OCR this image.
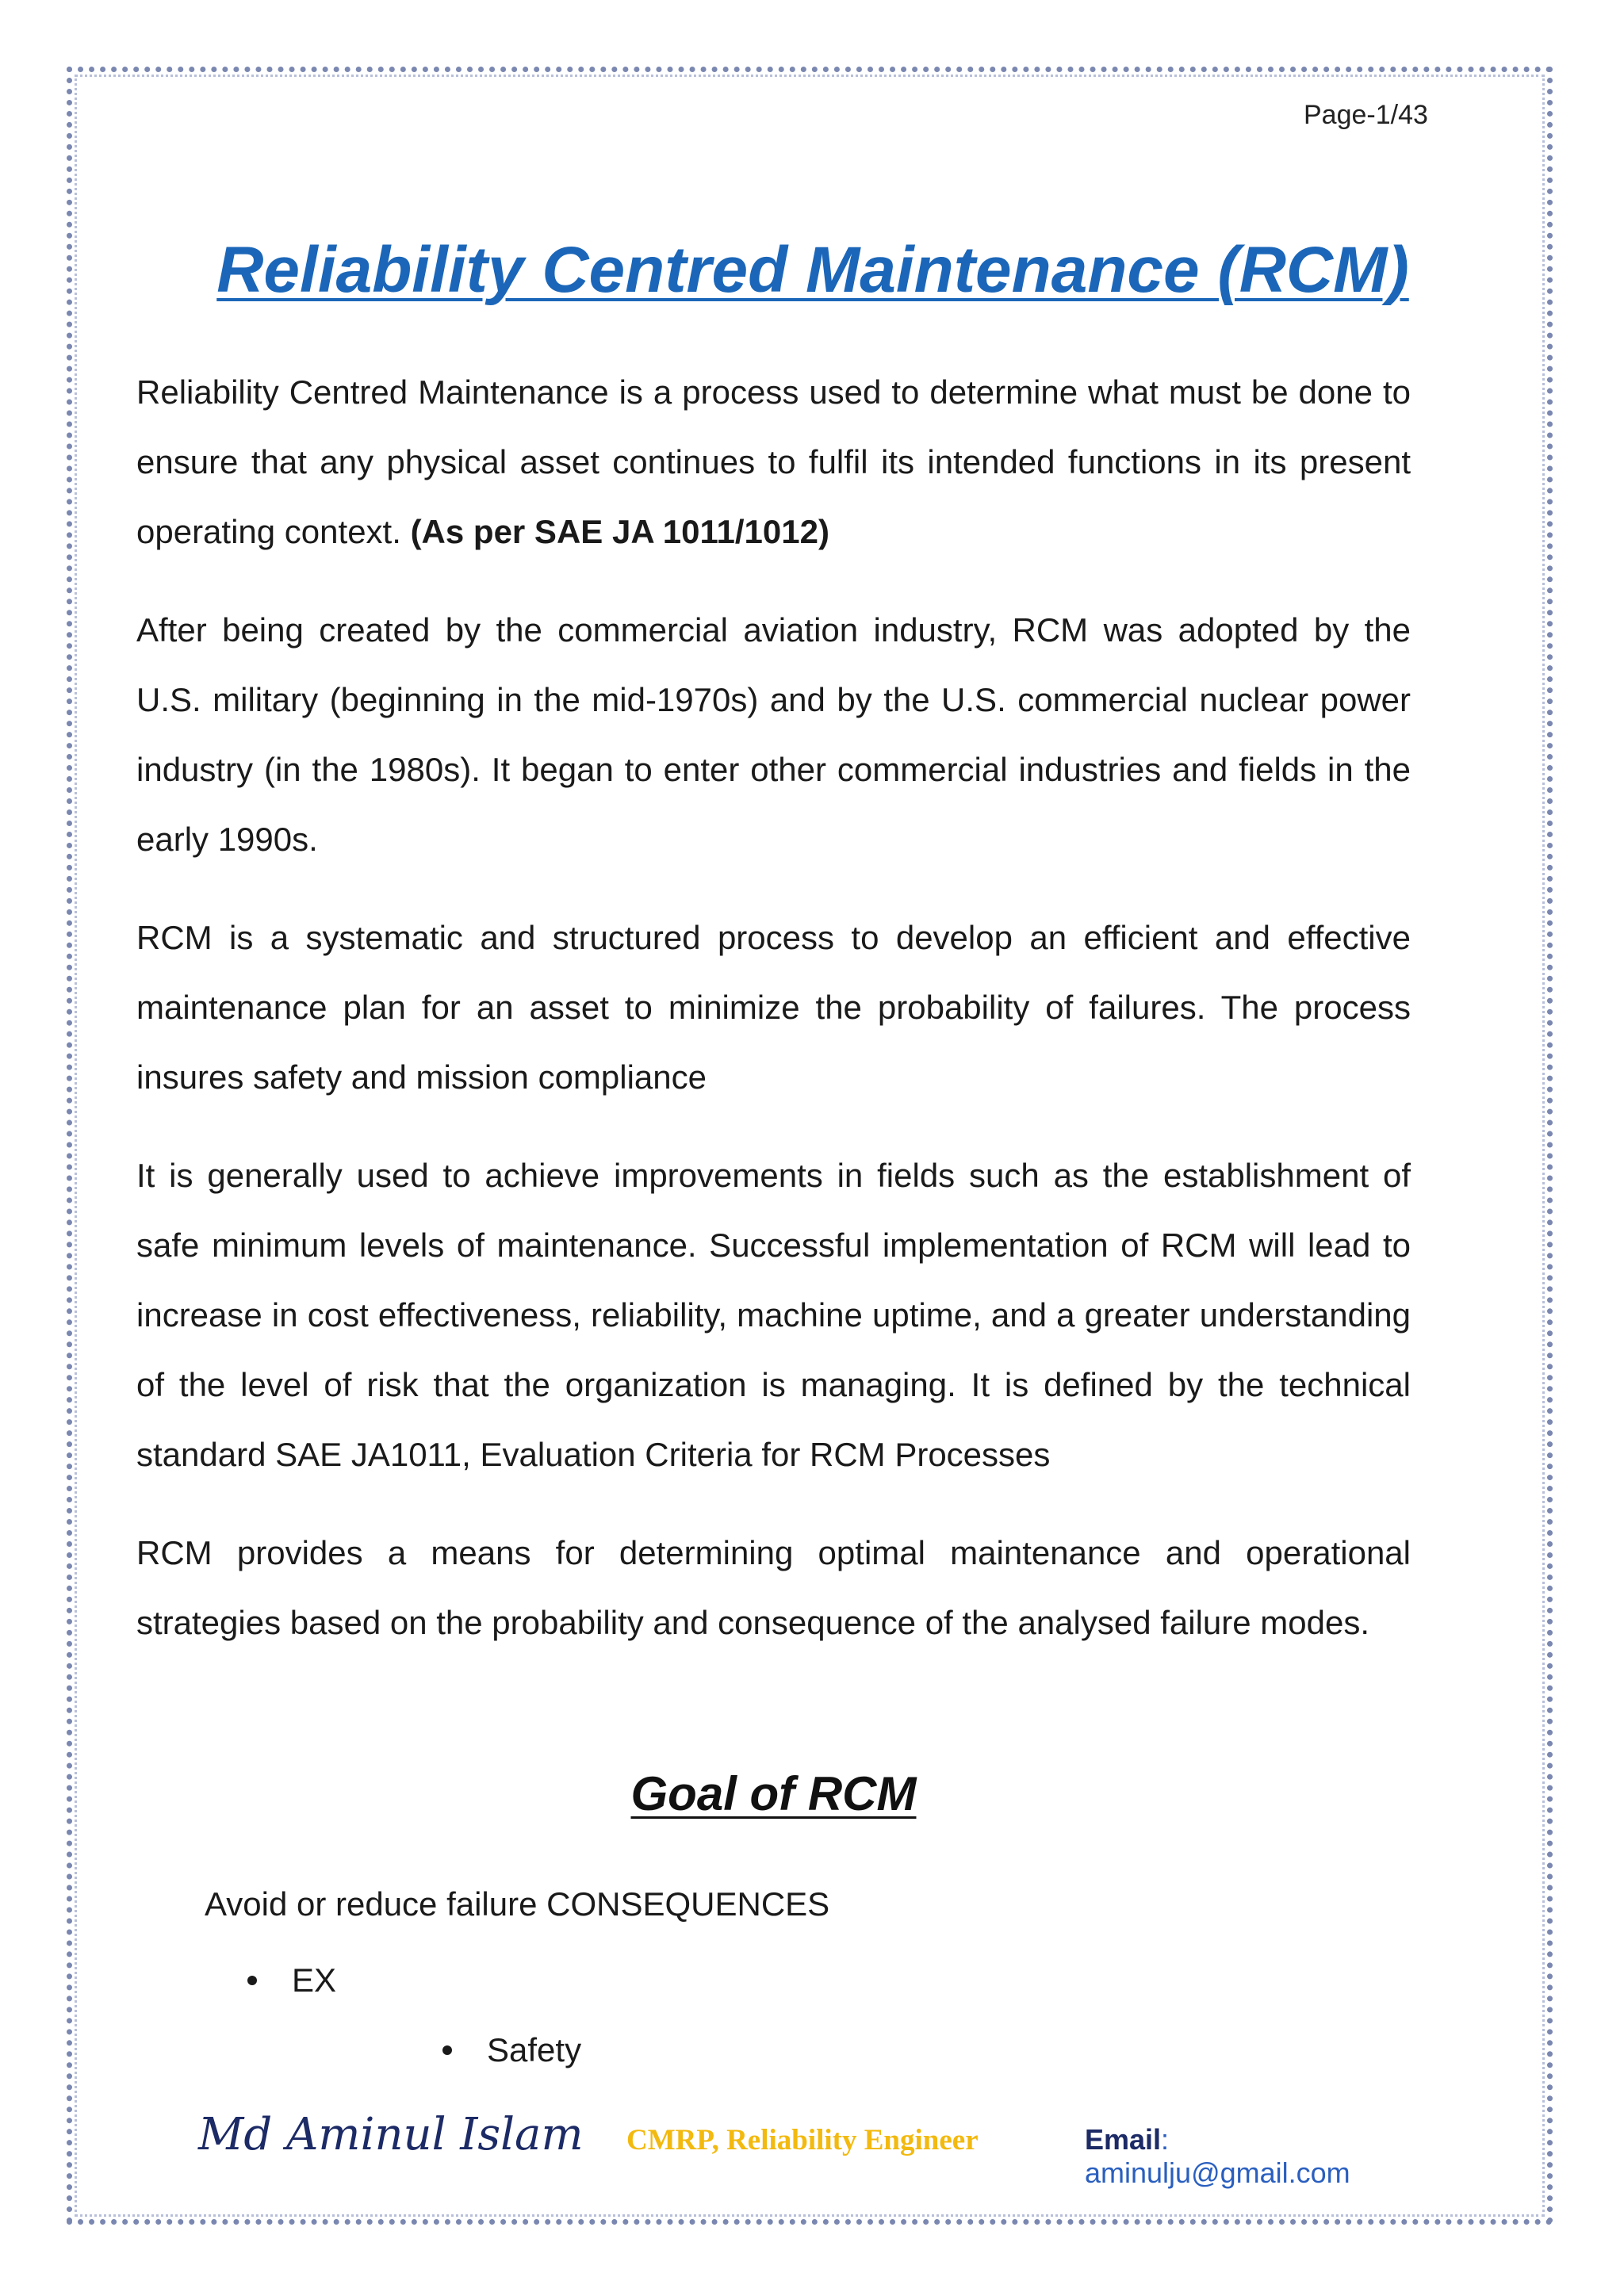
Page-1/43
Reliability Centred Maintenance (RCM)

Reliability Centred Maintenance is a process used to determine what must be done to ensure that any physical asset continues to fulfil its intended functions in its present operating context. (As per SAE JA 1011/1012)

After being created by the commercial aviation industry, RCM was adopted by the U.S. military (beginning in the mid-1970s) and by the U.S. commercial nuclear power industry (in the 1980s). It began to enter other commercial industries and fields in the early 1990s.

RCM is a systematic and structured process to develop an efficient and effective maintenance plan for an asset to minimize the probability of failures. The process insures safety and mission compliance

It is generally used to achieve improvements in fields such as the establishment of safe minimum levels of maintenance. Successful implementation of RCM will lead to increase in cost effectiveness, reliability, machine uptime, and a greater understanding of the level of risk that the organization is managing. It is defined by the technical standard SAE JA1011, Evaluation Criteria for RCM Processes

RCM provides a means for determining optimal maintenance and operational strategies based on the probability and consequence of the analysed failure modes.

Goal of RCM

Avoid or reduce failure CONSEQUENCES

EX
Safety
Md Aminul Islam CMRP, Reliability Engineer	Email: aminulju@gmail.com
